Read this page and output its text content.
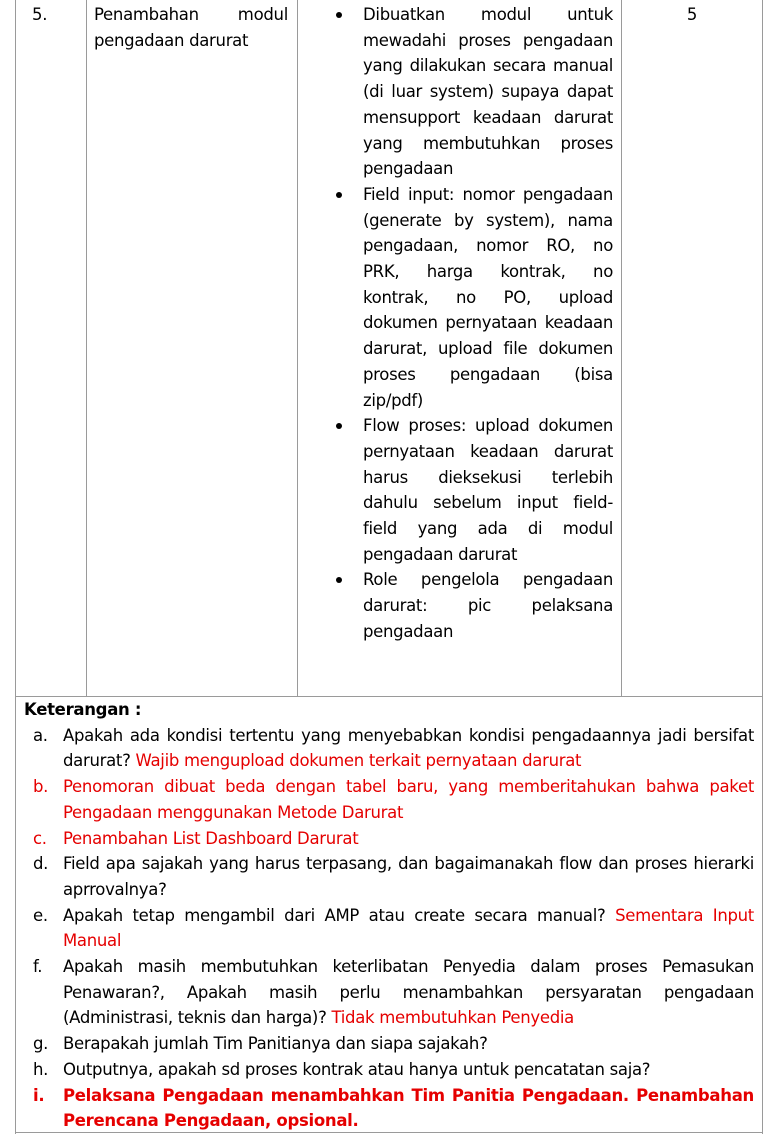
5.	Penambahan modul pengadaan darurat
Dibuatkan modul untuk mewadahi proses pengadaan yang dilakukan secara manual (di luar system) supaya dapat mensupport keadaan darurat yang membutuhkan proses pengadaan
Field input: nomor pengadaan (generate by system), nama pengadaan, nomor RO, no PRK, harga kontrak, no kontrak, no PO, upload dokumen pernyataan keadaan darurat, upload file dokumen proses pengadaan (bisa zip/pdf)
Flow proses: upload dokumen pernyataan keadaan darurat harus dieksekusi terlebih dahulu sebelum input field-field yang ada di modul pengadaan darurat
Role pengelola pengadaan darurat: pic pelaksana pengadaan
5
Keterangan :
a. Apakah ada kondisi tertentu yang menyebabkan kondisi pengadaannya jadi bersifat darurat? Wajib mengupload dokumen terkait pernyataan darurat
b. Penomoran dibuat beda dengan tabel baru, yang memberitahukan bahwa paket Pengadaan menggunakan Metode Darurat
c. Penambahan List Dashboard Darurat
d. Field apa sajakah yang harus terpasang, dan bagaimanakah flow dan proses hierarki aprrovalnya?
e. Apakah tetap mengambil dari AMP atau create secara manual? Sementara Input Manual
f. Apakah masih membutuhkan keterlibatan Penyedia dalam proses Pemasukan Penawaran?, Apakah masih perlu menambahkan persyaratan pengadaan (Administrasi, teknis dan harga)? Tidak membutuhkan Penyedia
g. Berapakah jumlah Tim Panitianya dan siapa sajakah?
h. Outputnya, apakah sd proses kontrak atau hanya untuk pencatatan saja?
i. Pelaksana Pengadaan menambahkan Tim Panitia Pengadaan. Penambahan Perencana Pengadaan, opsional.
